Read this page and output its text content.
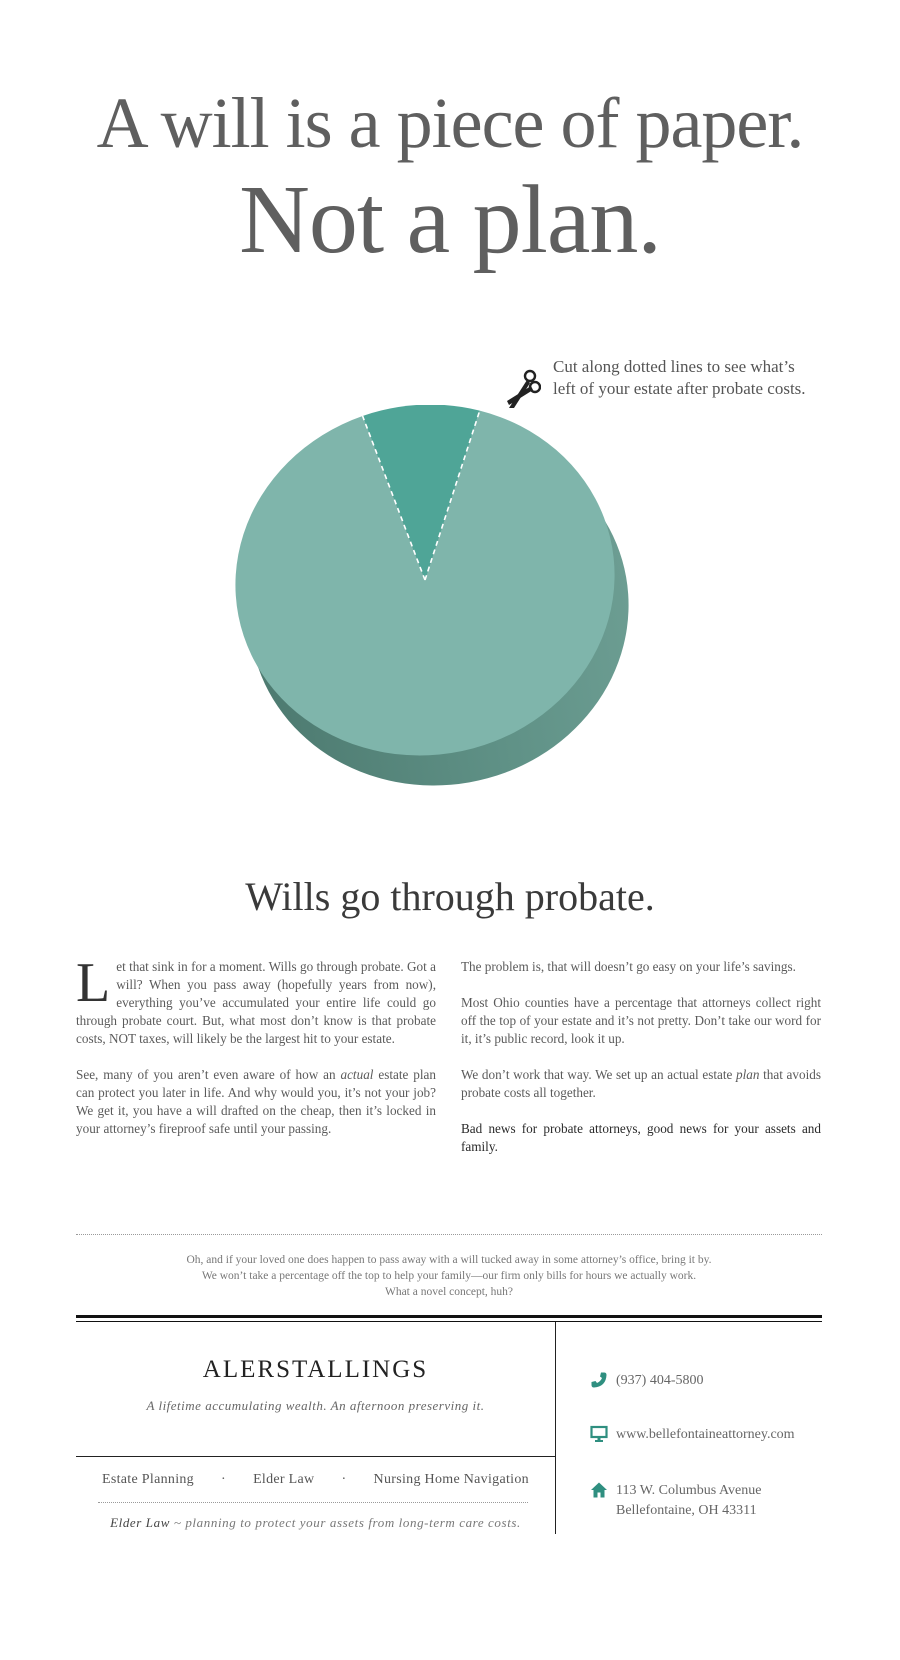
A will is a piece of paper.
Not a plan.
Cut along dotted lines to see what’s
left of your estate after probate costs.
Wills go through probate.

Let that sink in for a moment. Wills go through probate. Got a will? When you pass away (hopefully years from now), everything you’ve accumulated your entire life could go through probate court. But, what most don’t know is that probate costs, NOT taxes, will likely be the largest hit to your estate.

See, many of you aren’t even aware of how an actual estate plan can protect you later in life. And why would you, it’s not your job? We get it, you have a will drafted on the cheap, then it’s locked in your attorney’s fireproof safe until your passing.

The problem is, that will doesn’t go easy on your life’s savings.

Most Ohio counties have a percentage that attorneys collect right off the top of your estate and it’s not pretty. Don’t take our word for it, it’s public record, look it up.

We don’t work that way. We set up an actual estate plan that avoids probate costs all together.

Bad news for probate attorneys, good news for your assets and family.

Oh, and if your loved one does happen to pass away with a will tucked away in some attorney’s office, bring it by.
We won’t take a percentage off the top to help your family—our firm only bills for hours we actually work.
What a novel concept, huh?
ALERSTALLINGS
A lifetime accumulating wealth. An afternoon preserving it.
Estate Planning · Elder Law · Nursing Home Navigation
Elder Law ~ planning to protect your assets from long-term care costs.
(937) 404-5800
www.bellefontaineattorney.com
113 W. Columbus Avenue
Bellefontaine, OH 43311
